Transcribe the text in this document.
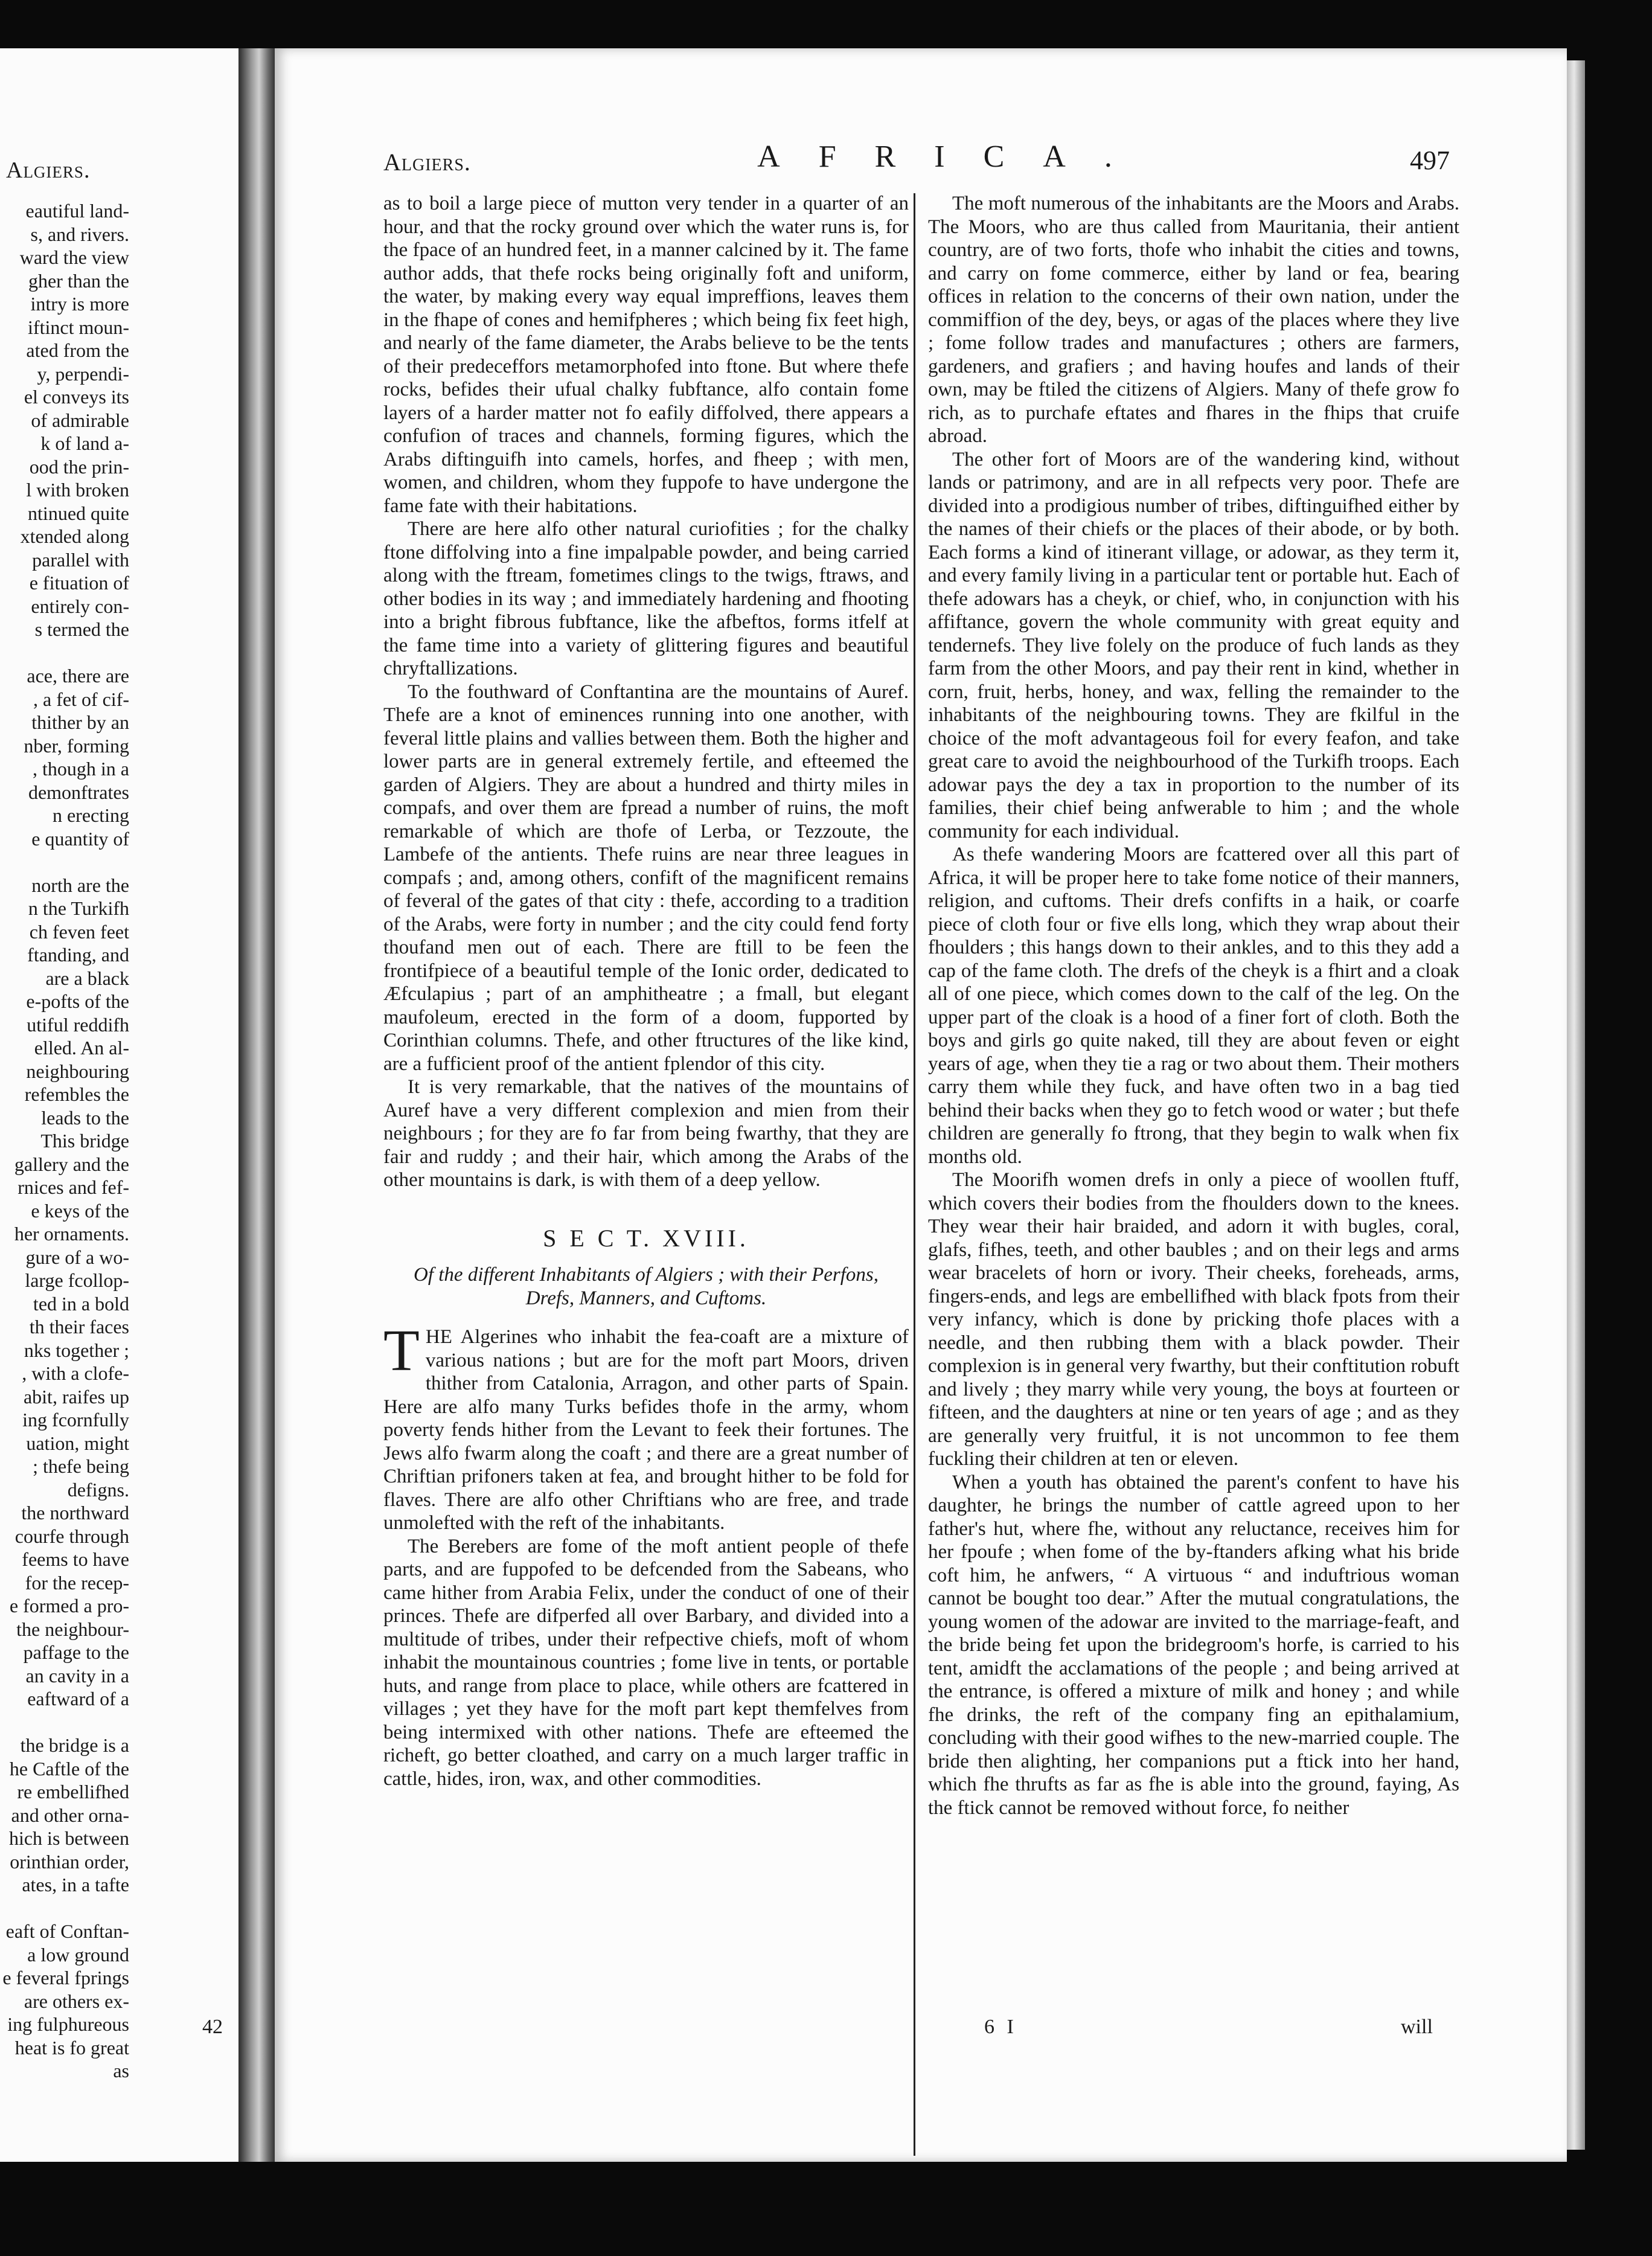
Algiers.
eautiful land-
s, and rivers.
ward the view
gher than the
intry is more
iftinct moun-
ated from the
y, perpendi-
el conveys its
of admirable
k of land a-
ood the prin-
l with broken
ntinued quite
xtended along
parallel with
e fituation of
entirely con-
s termed the

ace, there are
, a fet of cif-
thither by an
nber, forming
, though in a
demonftrates
n erecting
e quantity of

north are the
n the Turkifh
ch feven feet
ftanding, and
are a black
e-pofts of the
utiful reddifh
elled. An al-
neighbouring
refembles the
leads to the
This bridge
gallery and the
rnices and fef-
e keys of the
her ornaments.
gure of a wo-
large fcollop-
ted in a bold
th their faces
nks together ;
, with a clofe-
abit, raifes up
ing fcornfully
uation, might
; thefe being
defigns.
the northward
courfe through
feems to have
for the recep-
e formed a pro-
the neighbour-
paffage to the
an cavity in a
eaftward of a

the bridge is a
he Caftle of the
re embellifhed
and other orna-
hich is between
orinthian order,
ates, in a tafte

eaft of Conftan-
a low ground
e feveral fprings
are others ex-
ing fulphureous
heat is fo great
as
Algiers.	AFRICA.	497

as to boil a large piece of mutton very tender in a quarter of an hour, and that the rocky ground over which the water runs is, for the fpace of an hundred feet, in a manner calcined by it. The fame author adds, that thefe rocks being originally foft and uniform, the water, by making every way equal impreffions, leaves them in the fhape of cones and hemifpheres ; which being fix feet high, and nearly of the fame diameter, the Arabs believe to be the tents of their predeceffors metamorphofed into ftone. But where thefe rocks, befides their ufual chalky fubftance, alfo contain fome layers of a harder matter not fo eafily diffolved, there appears a confufion of traces and channels, forming figures, which the Arabs diftinguifh into camels, horfes, and fheep ; with men, women, and children, whom they fuppofe to have undergone the fame fate with their habitations.

There are here alfo other natural curiofities ; for the chalky ftone diffolving into a fine impalpable powder, and being carried along with the ftream, fometimes clings to the twigs, ftraws, and other bodies in its way ; and immediately hardening and fhooting into a bright fibrous fubftance, like the afbeftos, forms itfelf at the fame time into a variety of glittering figures and beautiful chryftallizations.

To the fouthward of Conftantina are the mountains of Auref. Thefe are a knot of eminences running into one another, with feveral little plains and vallies between them. Both the higher and lower parts are in general extremely fertile, and efteemed the garden of Algiers. They are about a hundred and thirty miles in compafs, and over them are fpread a number of ruins, the moft remarkable of which are thofe of Lerba, or Tezzoute, the Lambefe of the antients. Thefe ruins are near three leagues in compafs ; and, among others, confift of the magnificent remains of feveral of the gates of that city : thefe, according to a tradition of the Arabs, were forty in number ; and the city could fend forty thoufand men out of each. There are ftill to be feen the frontifpiece of a beautiful temple of the Ionic order, dedicated to Æfculapius ; part of an amphitheatre ; a fmall, but elegant maufoleum, erected in the form of a doom, fupported by Corinthian columns. Thefe, and other ftructures of the like kind, are a fufficient proof of the antient fplendor of this city.

It is very remarkable, that the natives of the mountains of Auref have a very different complexion and mien from their neighbours ; for they are fo far from being fwarthy, that they are fair and ruddy ; and their hair, which among the Arabs of the other mountains is dark, is with them of a deep yellow.

S E C T. XVIII.
Of the different Inhabitants of Algiers ; with their Perfons, Drefs, Manners, and Cuftoms.

THE Algerines who inhabit the fea-coaft are a mixture of various nations ; but are for the moft part Moors, driven thither from Catalonia, Arragon, and other parts of Spain. Here are alfo many Turks befides thofe in the army, whom poverty fends hither from the Levant to feek their fortunes. The Jews alfo fwarm along the coaft ; and there are a great number of Chriftian prifoners taken at fea, and brought hither to be fold for flaves. There are alfo other Chriftians who are free, and trade unmolefted with the reft of the inhabitants.

The Berebers are fome of the moft antient people of thefe parts, and are fuppofed to be defcended from the Sabeans, who came hither from Arabia Felix, under the conduct of one of their princes. Thefe are difperfed all over Barbary, and divided into a multitude of tribes, under their refpective chiefs, moft of whom inhabit the mountainous countries ; fome live in tents, or portable huts, and range from place to place, while others are fcattered in villages ; yet they have for the moft part kept themfelves from being intermixed with other nations. Thefe are efteemed the richeft, go better cloathed, and carry on a much larger traffic in cattle, hides, iron, wax, and other commodities.

The moft numerous of the inhabitants are the Moors and Arabs. The Moors, who are thus called from Mauritania, their antient country, are of two forts, thofe who inhabit the cities and towns, and carry on fome commerce, either by land or fea, bearing offices in relation to the concerns of their own nation, under the commiffion of the dey, beys, or agas of the places where they live ; fome follow trades and manufactures ; others are farmers, gardeners, and grafiers ; and having houfes and lands of their own, may be ftiled the citizens of Algiers. Many of thefe grow fo rich, as to purchafe eftates and fhares in the fhips that cruife abroad.

The other fort of Moors are of the wandering kind, without lands or patrimony, and are in all refpects very poor. Thefe are divided into a prodigious number of tribes, diftinguifhed either by the names of their chiefs or the places of their abode, or by both. Each forms a kind of itinerant village, or adowar, as they term it, and every family living in a particular tent or portable hut. Each of thefe adowars has a cheyk, or chief, who, in conjunction with his affiftance, govern the whole community with great equity and tendernefs. They live folely on the produce of fuch lands as they farm from the other Moors, and pay their rent in kind, whether in corn, fruit, herbs, honey, and wax, felling the remainder to the inhabitants of the neighbouring towns. They are fkilful in the choice of the moft advantageous foil for every feafon, and take great care to avoid the neighbourhood of the Turkifh troops. Each adowar pays the dey a tax in proportion to the number of its families, their chief being anfwerable to him ; and the whole community for each individual.

As thefe wandering Moors are fcattered over all this part of Africa, it will be proper here to take fome notice of their manners, religion, and cuftoms. Their drefs confifts in a haik, or coarfe piece of cloth four or five ells long, which they wrap about their fhoulders ; this hangs down to their ankles, and to this they add a cap of the fame cloth. The drefs of the cheyk is a fhirt and a cloak all of one piece, which comes down to the calf of the leg. On the upper part of the cloak is a hood of a finer fort of cloth. Both the boys and girls go quite naked, till they are about feven or eight years of age, when they tie a rag or two about them. Their mothers carry them while they fuck, and have often two in a bag tied behind their backs when they go to fetch wood or water ; but thefe children are generally fo ftrong, that they begin to walk when fix months old.

The Moorifh women drefs in only a piece of woollen ftuff, which covers their bodies from the fhoulders down to the knees. They wear their hair braided, and adorn it with bugles, coral, glafs, fifhes, teeth, and other baubles ; and on their legs and arms wear bracelets of horn or ivory. Their cheeks, foreheads, arms, fingers-ends, and legs are embellifhed with black fpots from their very infancy, which is done by pricking thofe places with a needle, and then rubbing them with a black powder. Their complexion is in general very fwarthy, but their conftitution robuft and lively ; they marry while very young, the boys at fourteen or fifteen, and the daughters at nine or ten years of age ; and as they are generally very fruitful, it is not uncommon to fee them fuckling their children at ten or eleven.

When a youth has obtained the parent's confent to have his daughter, he brings the number of cattle agreed upon to her father's hut, where fhe, without any reluctance, receives him for her fpoufe ; when fome of the by-ftanders afking what his bride coft him, he anfwers, “ A virtuous “ and induftrious woman cannot be bought too dear.” After the mutual congratulations, the young women of the adowar are invited to the marriage-feaft, and the bride being fet upon the bridegroom's horfe, is carried to his tent, amidft the acclamations of the people ; and being arrived at the entrance, is offered a mixture of milk and honey ; and while fhe drinks, the reft of the company fing an epithalamium, concluding with their good wifhes to the new-married couple. The bride then alighting, her companions put a ftick into her hand, which fhe thrufts as far as fhe is able into the ground, faying, As the ftick cannot be removed without force, fo neither

42	6 I	will
